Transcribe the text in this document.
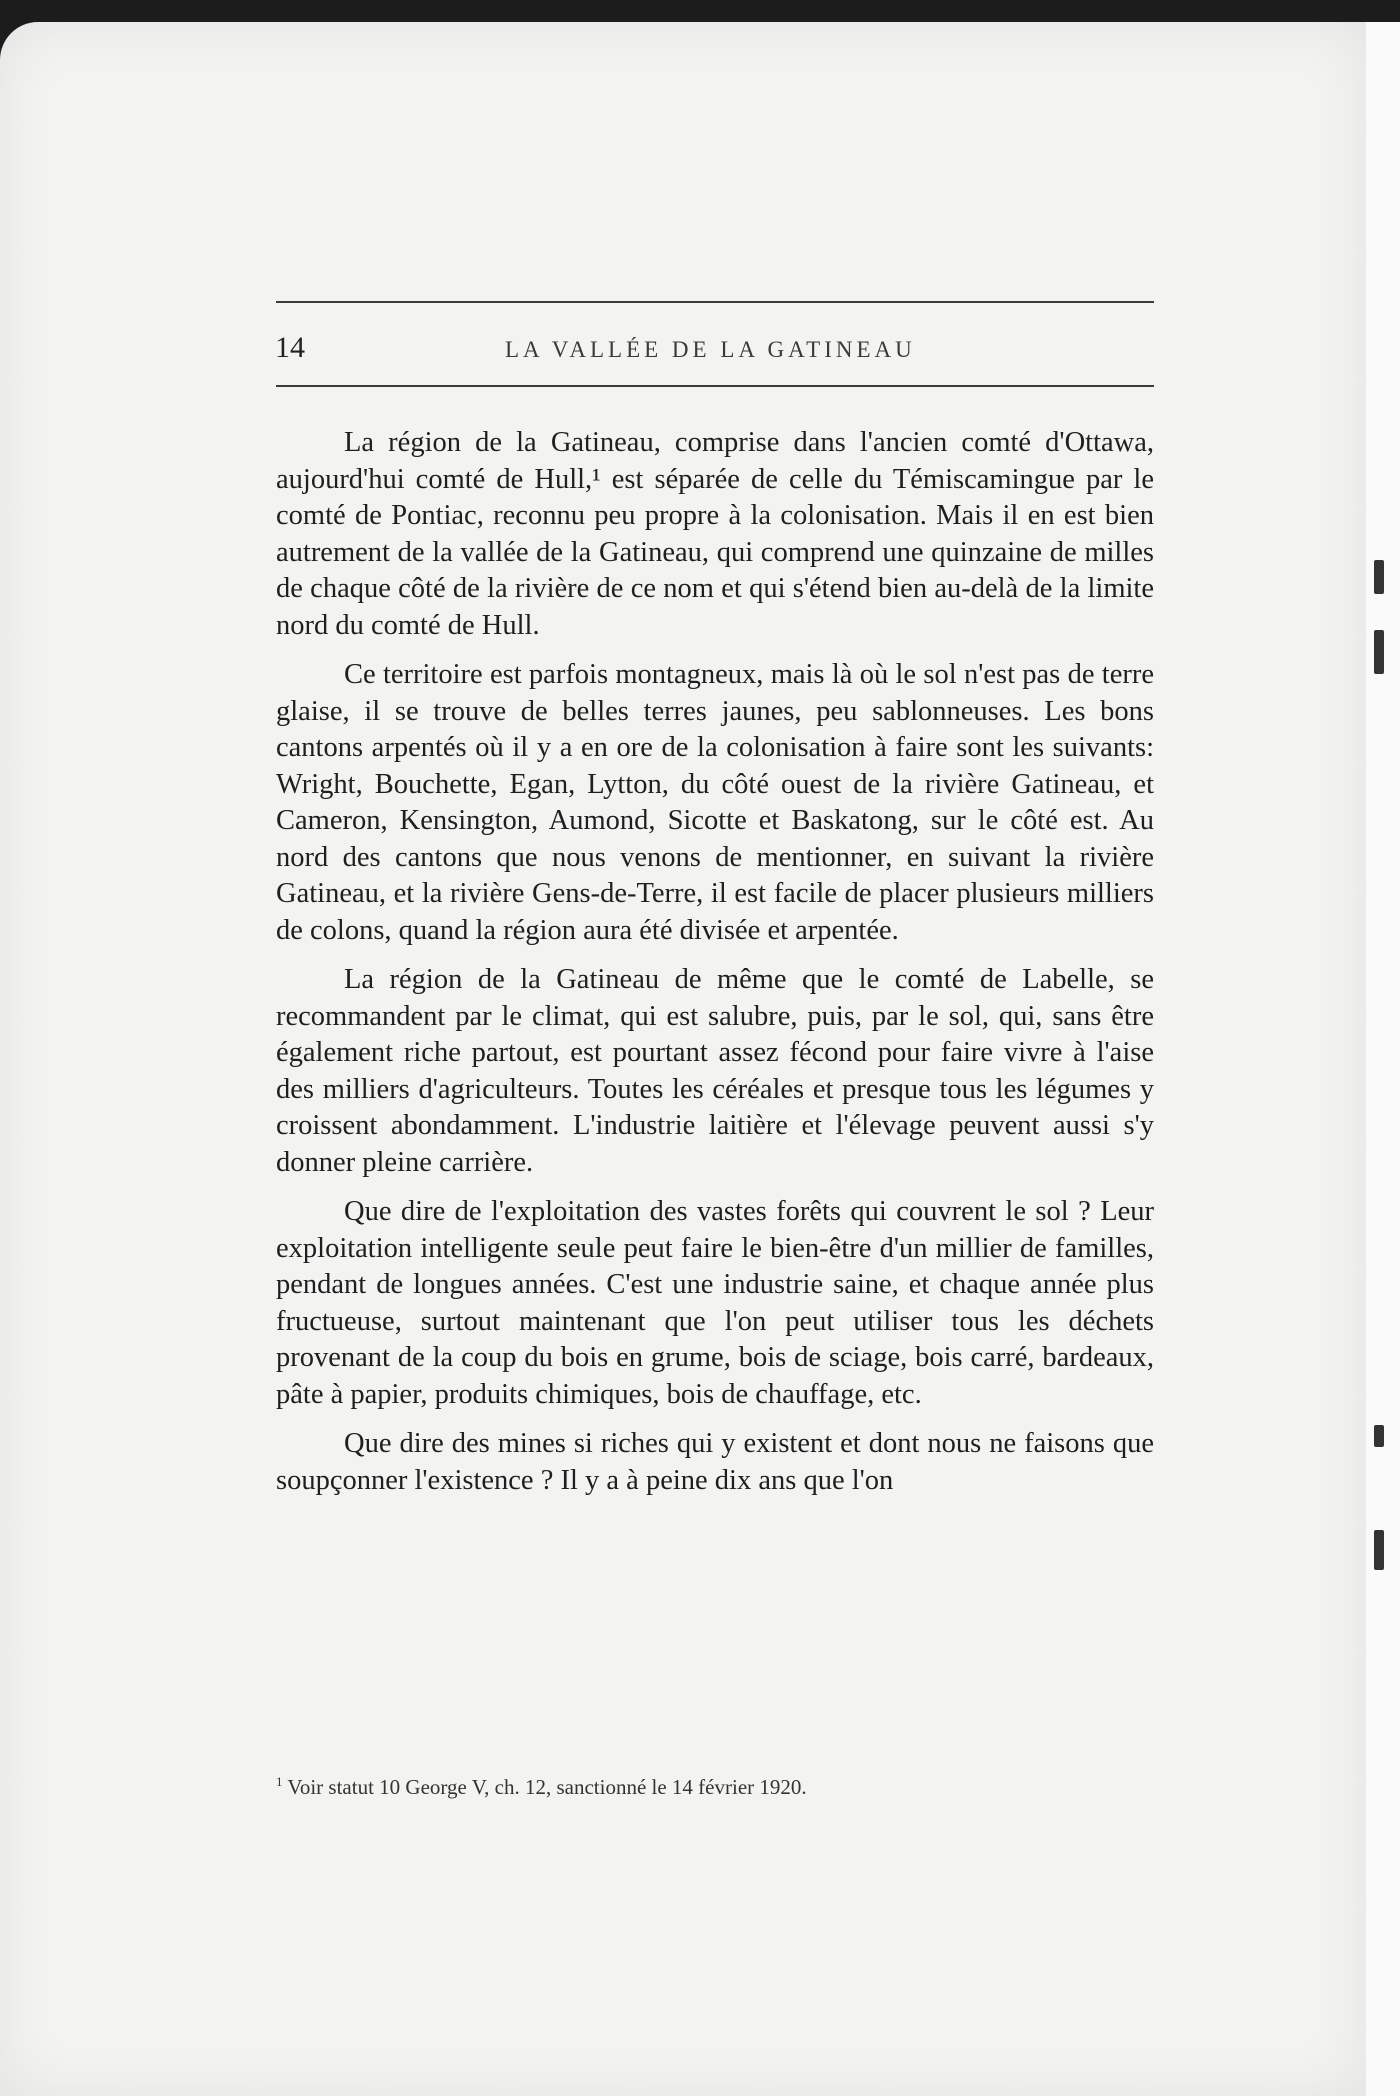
14	LA VALLÉE DE LA GATINEAU

La région de la Gatineau, comprise dans l'ancien comté d'Ottawa, aujourd'hui comté de Hull,¹ est séparée de celle du Témiscamingue par le comté de Pontiac, reconnu peu propre à la colonisation. Mais il en est bien autrement de la vallée de la Gatineau, qui comprend une quinzaine de milles de chaque côté de la rivière de ce nom et qui s'étend bien au-delà de la limite nord du comté de Hull.

Ce territoire est parfois montagneux, mais là où le sol n'est pas de terre glaise, il se trouve de belles terres jaunes, peu sablonneuses. Les bons cantons arpentés où il y a en ore de la colonisation à faire sont les suivants: Wright, Bouchette, Egan, Lytton, du côté ouest de la rivière Gatineau, et Cameron, Kensington, Aumond, Sicotte et Baskatong, sur le côté est. Au nord des cantons que nous venons de mentionner, en suivant la rivière Gatineau, et la rivière Gens-de-Terre, il est facile de placer plusieurs milliers de colons, quand la région aura été divisée et arpentée.

La région de la Gatineau de même que le comté de Labelle, se recommandent par le climat, qui est salubre, puis, par le sol, qui, sans être également riche partout, est pourtant assez fécond pour faire vivre à l'aise des milliers d'agriculteurs. Toutes les céréales et presque tous les légumes y croissent abondamment. L'industrie laitière et l'élevage peuvent aussi s'y donner pleine carrière.

Que dire de l'exploitation des vastes forêts qui couvrent le sol ? Leur exploitation intelligente seule peut faire le bien-être d'un millier de familles, pendant de longues années. C'est une industrie saine, et chaque année plus fructueuse, surtout maintenant que l'on peut utiliser tous les déchets provenant de la coup du bois en grume, bois de sciage, bois carré, bardeaux, pâte à papier, produits chimiques, bois de chauffage, etc.

Que dire des mines si riches qui y existent et dont nous ne faisons que soupçonner l'existence ? Il y a à peine dix ans que l'on

$^1$ Voir statut 10 George V, ch. 12, sanctionné le 14 février 1920.
